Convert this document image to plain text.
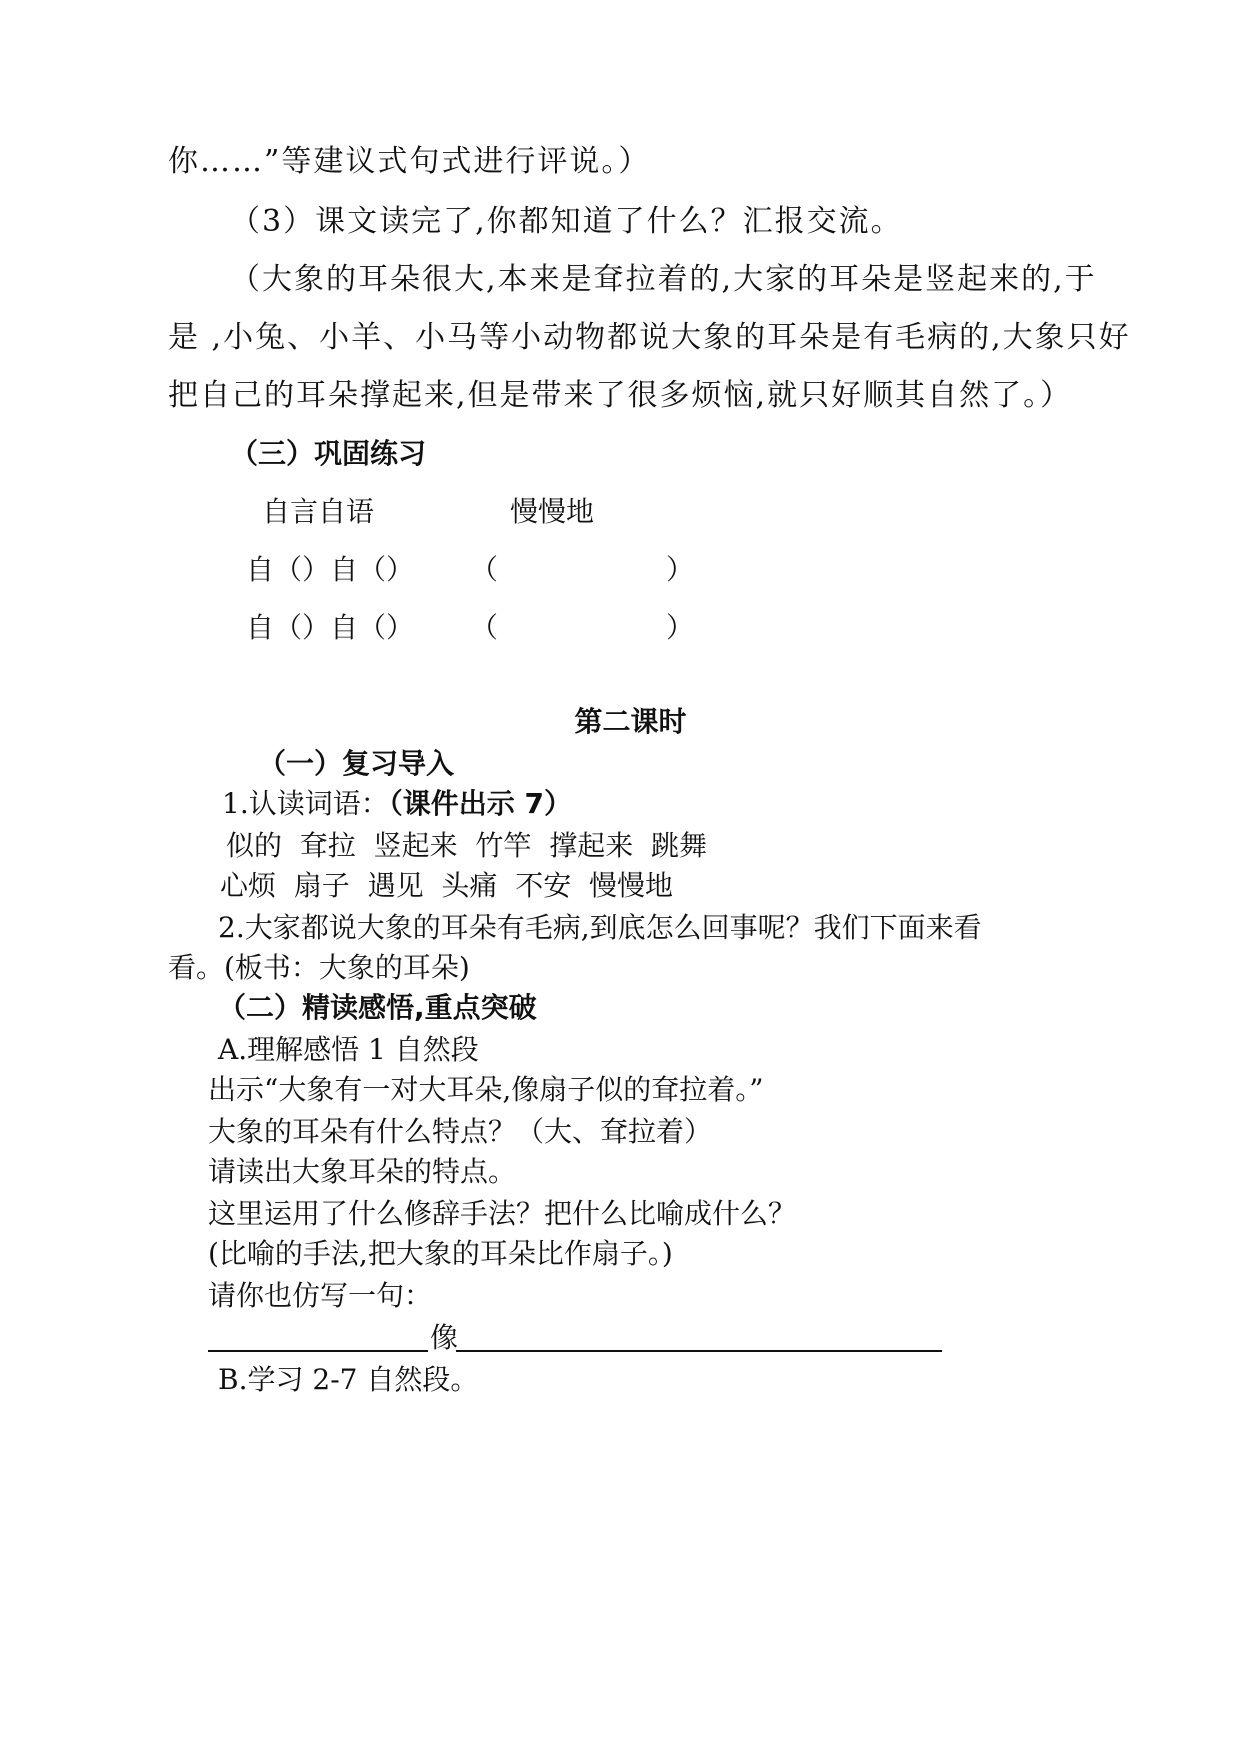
你……”等建议式句式进行评说。）
（3）课文读完了,你都知道了什么？汇报交流。
（大象的耳朵很大,本来是耷拉着的,大家的耳朵是竖起来的,于
是 ,小兔、小羊、小马等小动物都说大象的耳朵是有毛病的,大象只好
把自己的耳朵撑起来,但是带来了很多烦恼,就只好顺其自然了。）
（三）巩固练习
自言自语	慢慢地
自（）自（） （　　　　　　）
自（）自（） （　　　　　　）
第二课时
（一）复习导入
1.认读词语：（课件出示 7）
似的  耷拉  竖起来  竹竿  撑起来  跳舞
心烦  扇子  遇见  头痛  不安  慢慢地
2.大家都说大象的耳朵有毛病,到底怎么回事呢？我们下面来看
看。(板书：大象的耳朵)
（二）精读感悟,重点突破
A.理解感悟 1 自然段
出示“大象有一对大耳朵,像扇子似的耷拉着。”
大象的耳朵有什么特点？（大、耷拉着）
请读出大象耳朵的特点。
这里运用了什么修辞手法？把什么比喻成什么？
(比喻的手法,把大象的耳朵比作扇子。)
请你也仿写一句：
像
B.学习 2-7 自然段。
